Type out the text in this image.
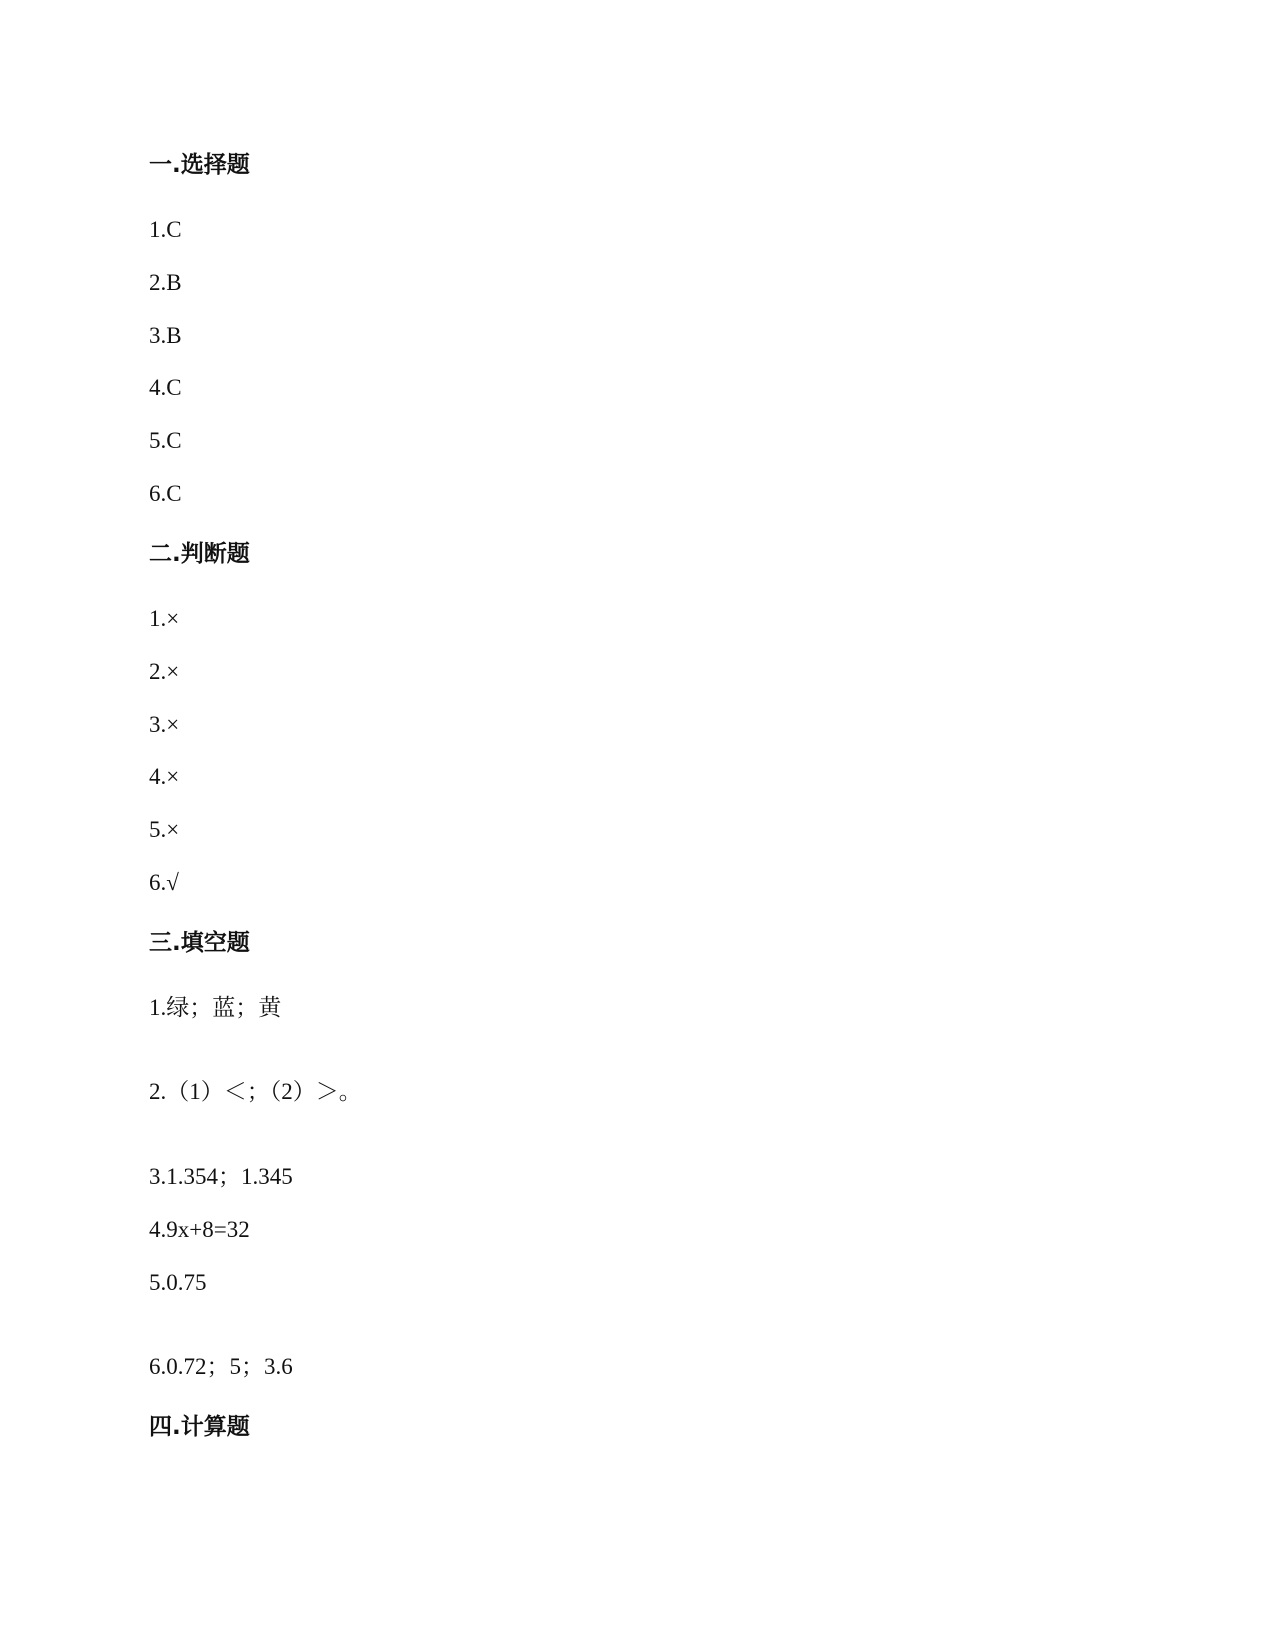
一.选择题
1.C
2.B
3.B
4.C
5.C
6.C
二.判断题
1.×
2.×
3.×
4.×
5.×
6.√
三.填空题
1.绿；蓝；黄
2.（1）＜；（2）＞。
3.1.354；1.345
4.9x+8=32
5.0.75
6.0.72；5；3.6
四.计算题
